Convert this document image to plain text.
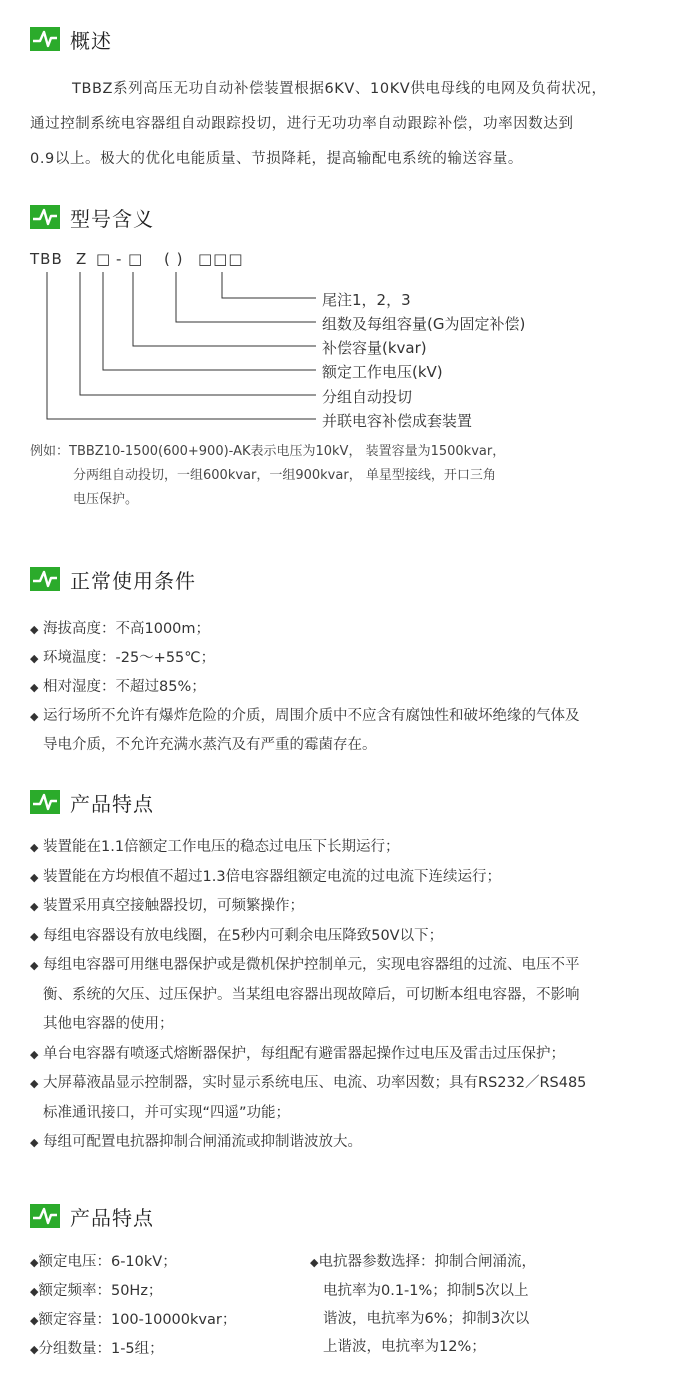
概述
TBBZ系列高压无功自动补偿装置根据6KV、10KV供电母线的电网及负荷状况，
通过控制系统电容器组自动跟踪投切，进行无功功率自动跟踪补偿，功率因数达到
0.9以上。极大的优化电能质量、节损降耗，提高输配电系统的输送容量。
型号含义
TBB Z □ - □ ( ) □□□
尾注1，2，3
组数及每组容量(G为固定补偿)
补偿容量(kvar)
额定工作电压(kV)
分组自动投切
并联电容补偿成套装置
例如：TBBZ10-1500(600+900)-AK表示电压为10kV， 装置容量为1500kvar，
分两组自动投切，一组600kvar，一组900kvar， 单星型接线，开口三角
电压保护。
正常使用条件
◆ 海拔高度：不高1000m；
◆ 环境温度：-25～+55℃；
◆ 相对湿度：不超过85%；
◆ 运行场所不允许有爆炸危险的介质，周围介质中不应含有腐蚀性和破坏绝缘的气体及
导电介质，不允许充满水蒸汽及有严重的霉菌存在。
产品特点
◆ 装置能在1.1倍额定工作电压的稳态过电压下长期运行；
◆ 装置能在方均根值不超过1.3倍电容器组额定电流的过电流下连续运行；
◆ 装置采用真空接触器投切，可频繁操作；
◆ 每组电容器设有放电线圈，在5秒内可剩余电压降致50V以下；
◆ 每组电容器可用继电器保护或是微机保护控制单元，实现电容器组的过流、电压不平
衡、系统的欠压、过压保护。当某组电容器出现故障后，可切断本组电容器，不影响
其他电容器的使用；
◆ 单台电容器有喷逐式熔断器保护，每组配有避雷器起操作过电压及雷击过压保护；
◆ 大屏幕液晶显示控制器，实时显示系统电压、电流、功率因数；具有RS232／RS485
标准通讯接口，并可实现“四遥”功能；
◆ 每组可配置电抗器抑制合闸涌流或抑制谐波放大。
产品特点
◆额定电压：6-10kV；
◆额定频率：50Hz；
◆额定容量：100-10000kvar；
◆分组数量：1-5组；
◆电抗器参数选择：抑制合闸涌流，
电抗率为0.1-1%；抑制5次以上
谐波，电抗率为6%；抑制3次以
上谐波，电抗率为12%；
